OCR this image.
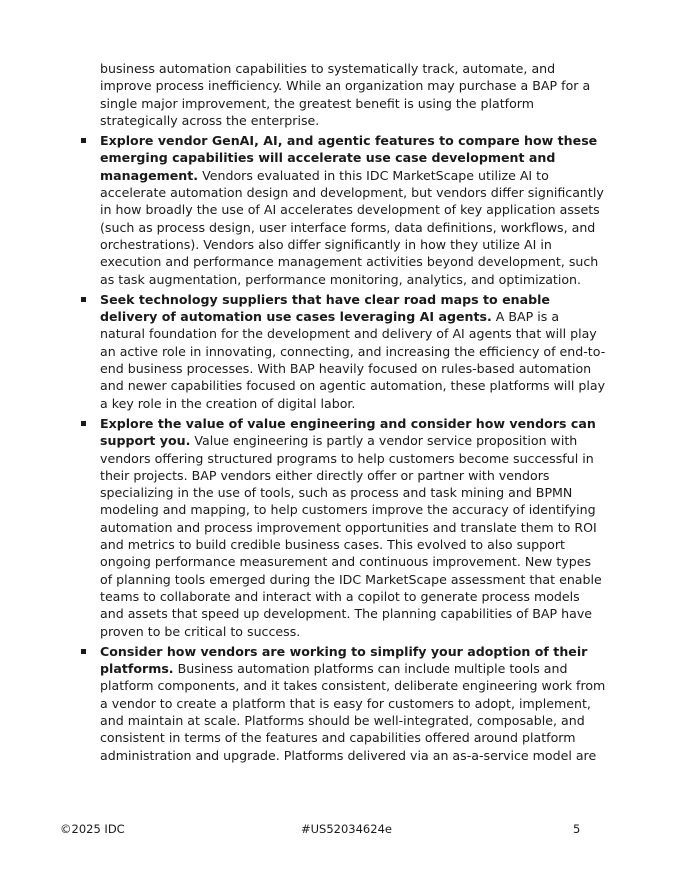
business automation capabilities to systematically track, automate, and improve process inefficiency. While an organization may purchase a BAP for a single major improvement, the greatest benefit is using the platform strategically across the enterprise.

Explore vendor GenAI, AI, and agentic features to compare how these emerging capabilities will accelerate use case development and management. Vendors evaluated in this IDC MarketScape utilize AI to accelerate automation design and development, but vendors differ significantly in how broadly the use of AI accelerates development of key application assets (such as process design, user interface forms, data definitions, workflows, and orchestrations). Vendors also differ significantly in how they utilize AI in execution and performance management activities beyond development, such as task augmentation, performance monitoring, analytics, and optimization.
Seek technology suppliers that have clear road maps to enable delivery of automation use cases leveraging AI agents. A BAP is a natural foundation for the development and delivery of AI agents that will play an active role in innovating, connecting, and increasing the efficiency of end-to-end business processes. With BAP heavily focused on rules-based automation and newer capabilities focused on agentic automation, these platforms will play a key role in the creation of digital labor.
Explore the value of value engineering and consider how vendors can support you. Value engineering is partly a vendor service proposition with vendors offering structured programs to help customers become successful in their projects. BAP vendors either directly offer or partner with vendors specializing in the use of tools, such as process and task mining and BPMN modeling and mapping, to help customers improve the accuracy of identifying automation and process improvement opportunities and translate them to ROI and metrics to build credible business cases. This evolved to also support ongoing performance measurement and continuous improvement. New types of planning tools emerged during the IDC MarketScape assessment that enable teams to collaborate and interact with a copilot to generate process models and assets that speed up development. The planning capabilities of BAP have proven to be critical to success.
Consider how vendors are working to simplify your adoption of their platforms. Business automation platforms can include multiple tools and platform components, and it takes consistent, deliberate engineering work from a vendor to create a platform that is easy for customers to adopt, implement, and maintain at scale. Platforms should be well-integrated, composable, and consistent in terms of the features and capabilities offered around platform administration and upgrade. Platforms delivered via an as-a-service model are
©2025 IDC	#US52034624e	5
